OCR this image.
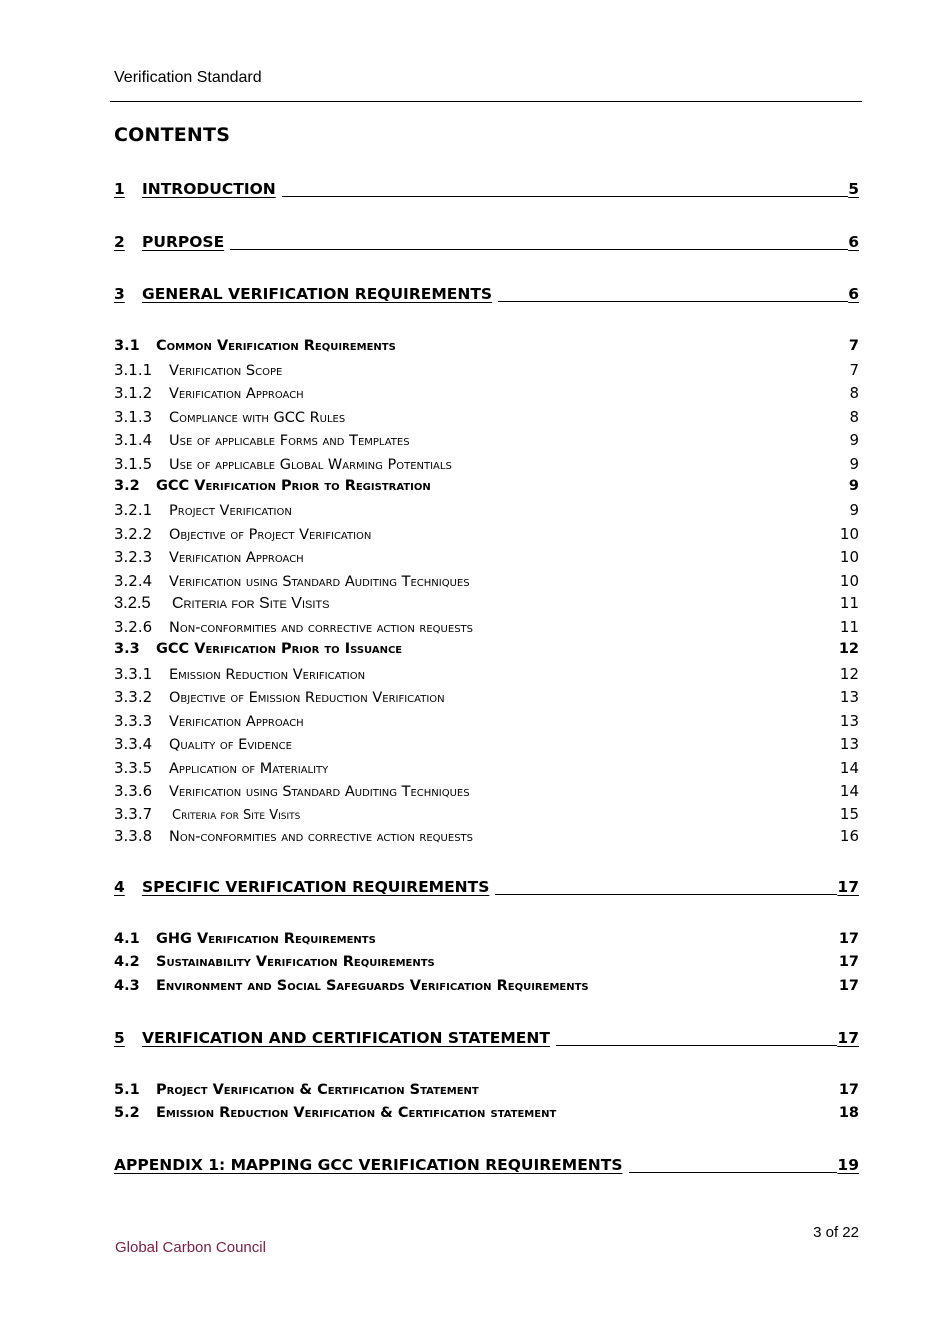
Verification Standard
CONTENTS
1	INTRODUCTION	5
2	PURPOSE	6
3	GENERAL VERIFICATION REQUIREMENTS	6
3.1	Common Verification Requirements	7
3.1.1	Verification Scope	7
3.1.2	Verification Approach	8
3.1.3	Compliance with GCC Rules	8
3.1.4	Use of applicable Forms and Templates	9
3.1.5	Use of applicable Global Warming Potentials	9
3.2	GCC Verification Prior to Registration	9
3.2.1	Project Verification	9
3.2.2	Objective of Project Verification	10
3.2.3	Verification Approach	10
3.2.4	Verification using Standard Auditing Techniques	10
3.2.5	Criteria for Site Visits	11
3.2.6	Non-conformities and corrective action requests	11
3.3	GCC Verification Prior to Issuance	12
3.3.1	Emission Reduction Verification	12
3.3.2	Objective of Emission Reduction Verification	13
3.3.3	Verification Approach	13
3.3.4	Quality of Evidence	13
3.3.5	Application of Materiality	14
3.3.6	Verification using Standard Auditing Techniques	14
3.3.7	Criteria for Site Visits	15
3.3.8	Non-conformities and corrective action requests	16
4	SPECIFIC VERIFICATION REQUIREMENTS	17
4.1	GHG Verification Requirements	17
4.2	Sustainability Verification Requirements	17
4.3	Environment and Social Safeguards Verification Requirements	17
5	VERIFICATION AND CERTIFICATION STATEMENT	17
5.1	Project Verification & Certification Statement	17
5.2	Emission Reduction Verification & Certification statement	18
APPENDIX 1: MAPPING GCC VERIFICATION REQUIREMENTS	19
3 of 22
Global Carbon Council
